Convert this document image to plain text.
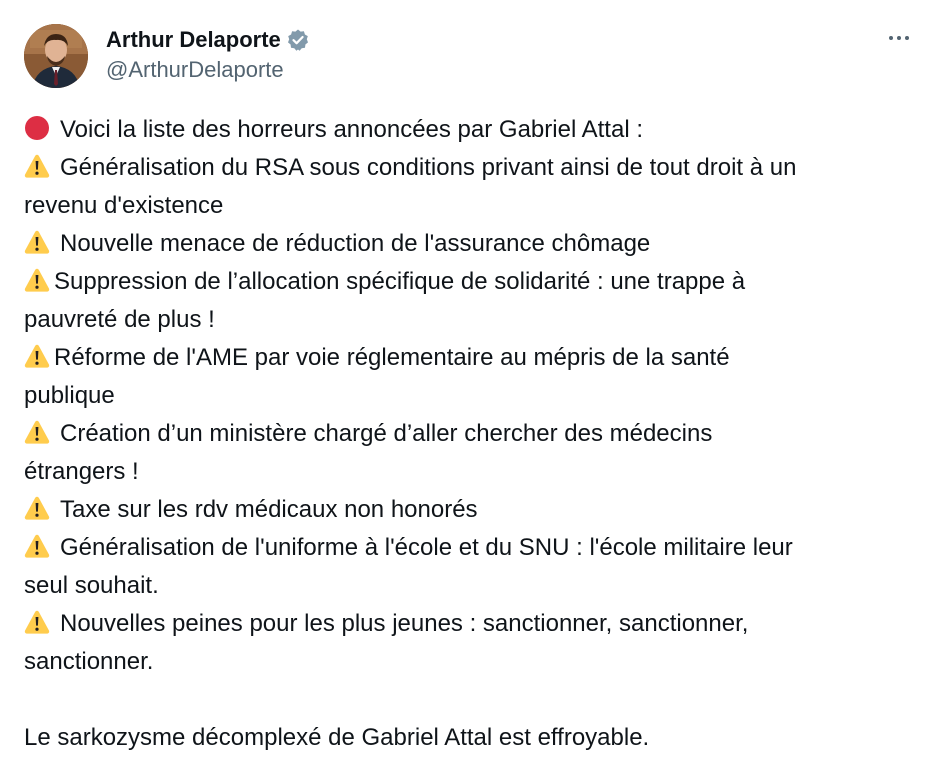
Arthur Delaporte
@ArthurDelaporte
Voici la liste des horreurs annoncées par Gabriel Attal :
Généralisation du RSA sous conditions privant ainsi de tout droit à un
revenu d'existence
Nouvelle menace de réduction de l'assurance chômage
Suppression de l’allocation spécifique de solidarité : une trappe à
pauvreté de plus !
Réforme de l'AME par voie réglementaire au mépris de la santé
publique
Création d’un ministère chargé d’aller chercher des médecins
étrangers !
Taxe sur les rdv médicaux non honorés
Généralisation de l'uniforme à l'école et du SNU : l'école militaire leur
seul souhait.
Nouvelles peines pour les plus jeunes : sanctionner, sanctionner,
sanctionner.
Le sarkozysme décomplexé de Gabriel Attal est effroyable.
